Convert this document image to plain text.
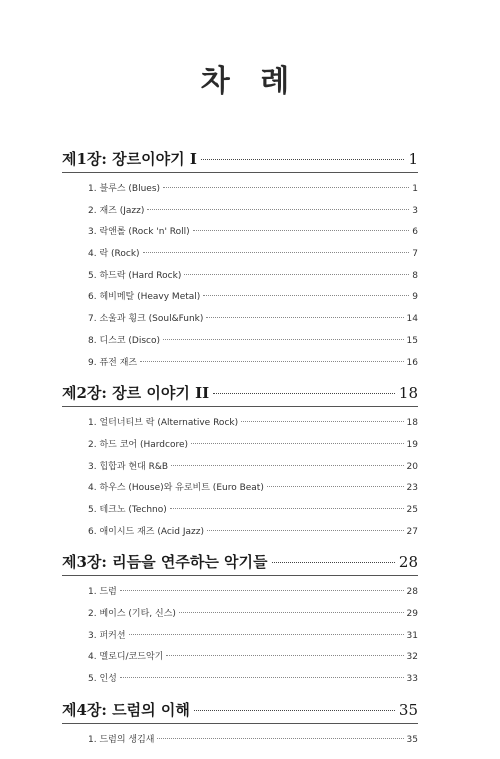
차 례
제1장: 장르이야기 I	1
1. 블루스 (Blues)	1
2. 재즈 (Jazz)	3
3. 락앤롤 (Rock 'n' Roll)	6
4. 락 (Rock)	7
5. 하드락 (Hard Rock)	8
6. 헤비메탈 (Heavy Metal)	9
7. 소울과 휭크 (Soul&Funk)	14
8. 디스코 (Disco)	15
9. 퓨전 재즈	16
제2장: 장르 이야기 II	18
1. 얼터너티브 락 (Alternative Rock)	18
2. 하드 코어 (Hardcore)	19
3. 힙합과 현대 R&B	20
4. 하우스 (House)와 유로비트 (Euro Beat)	23
5. 테크노 (Techno)	25
6. 애이시드 재즈 (Acid Jazz)	27
제3장: 리듬을 연주하는 악기들	28
1. 드럼	28
2. 베이스 (기타, 신스)	29
3. 퍼커션	31
4. 멜로디/코드악기	32
5. 인성	33
제4장: 드럼의 이해	35
1. 드럼의 생김새	35
